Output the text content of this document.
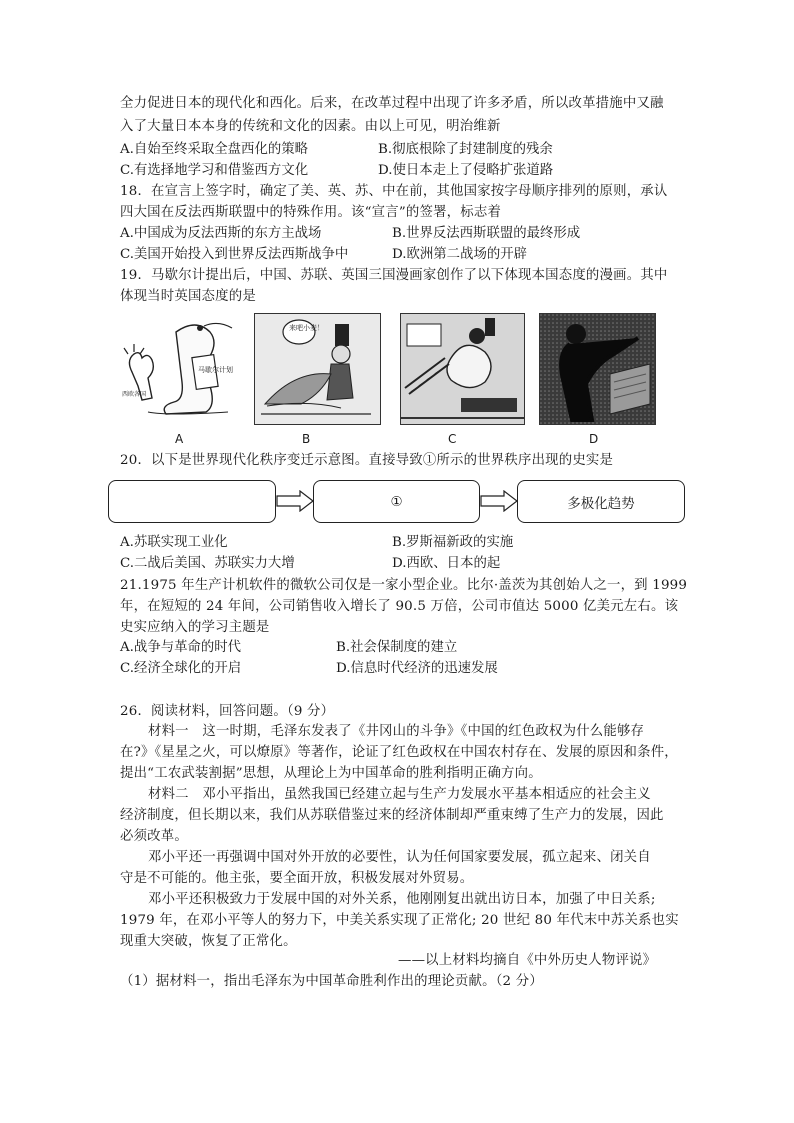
全力促进日本的现代化和西化。后来，在改革过程中出现了许多矛盾，所以改革措施中又融
入了大量日本本身的传统和文化的因素。由以上可见，明治维新
A.自始至终采取全盘西化的策略	B.彻底根除了封建制度的残余
C.有选择地学习和借鉴西方文化	D.使日本走上了侵略扩张道路
18．在宣言上签字时，确定了美、英、苏、中在前，其他国家按字母顺序排列的原则，承认
四大国在反法西斯联盟中的特殊作用。该“宣言”的签署，标志着
A.中国成为反法西斯的东方主战场	B.世界反法西斯联盟的最终形成
C.美国开始投入到世界反法西斯战争中	D.欧洲第二战场的开辟
19．马歇尔计提出后，中国、苏联、英国三国漫画家创作了以下体现本国态度的漫画。其中
体现当时英国态度的是
马歇尔计划
西欧各国
来吧小麦！
A	B	C	D
20．以下是世界现代化秩序变迁示意图。直接导致①所示的世界秩序出现的史实是
①	多极化趋势
A.苏联实现工业化	B.罗斯福新政的实施
C.二战后美国、苏联实力大增	D.西欧、日本的起
21.1975 年生产计机软件的微软公司仅是一家小型企业。比尔·盖茨为其创始人之一，到 1999
年，在短短的 24 年间，公司销售收入增长了 90.5 万倍，公司市值达 5000 亿美元左右。该
史实应纳入的学习主题是
A.战争与革命的时代	B.社会保制度的建立
C.经济全球化的开启	D.信息时代经济的迅速发展
26．阅读材料，回答问题。（9 分）
材料一　这一时期，毛泽东发表了《井冈山的斗争》《中国的红色政权为什么能够存
在?》《星星之火，可以燎原》等著作，论证了红色政权在中国农村存在、发展的原因和条件，
提出“工农武装割据”思想，从理论上为中国革命的胜利指明正确方向。
材料二　邓小平指出，虽然我国已经建立起与生产力发展水平基本相适应的社会主义
经济制度，但长期以来，我们从苏联借鉴过来的经济体制却严重束缚了生产力的发展，因此
必须改革。
邓小平还一再强调中国对外开放的必要性，认为任何国家要发展，孤立起来、闭关自
守是不可能的。他主张，要全面开放，积极发展对外贸易。
邓小平还积极致力于发展中国的对外关系，他刚刚复出就出访日本，加强了中日关系;
1979 年，在邓小平等人的努力下，中美关系实现了正常化; 20 世纪 80 年代末中苏关系也实
现重大突破，恢复了正常化。
——以上材料均摘自《中外历史人物评说》
（1）据材料一，指出毛泽东为中国革命胜利作出的理论贡献。（2 分）
